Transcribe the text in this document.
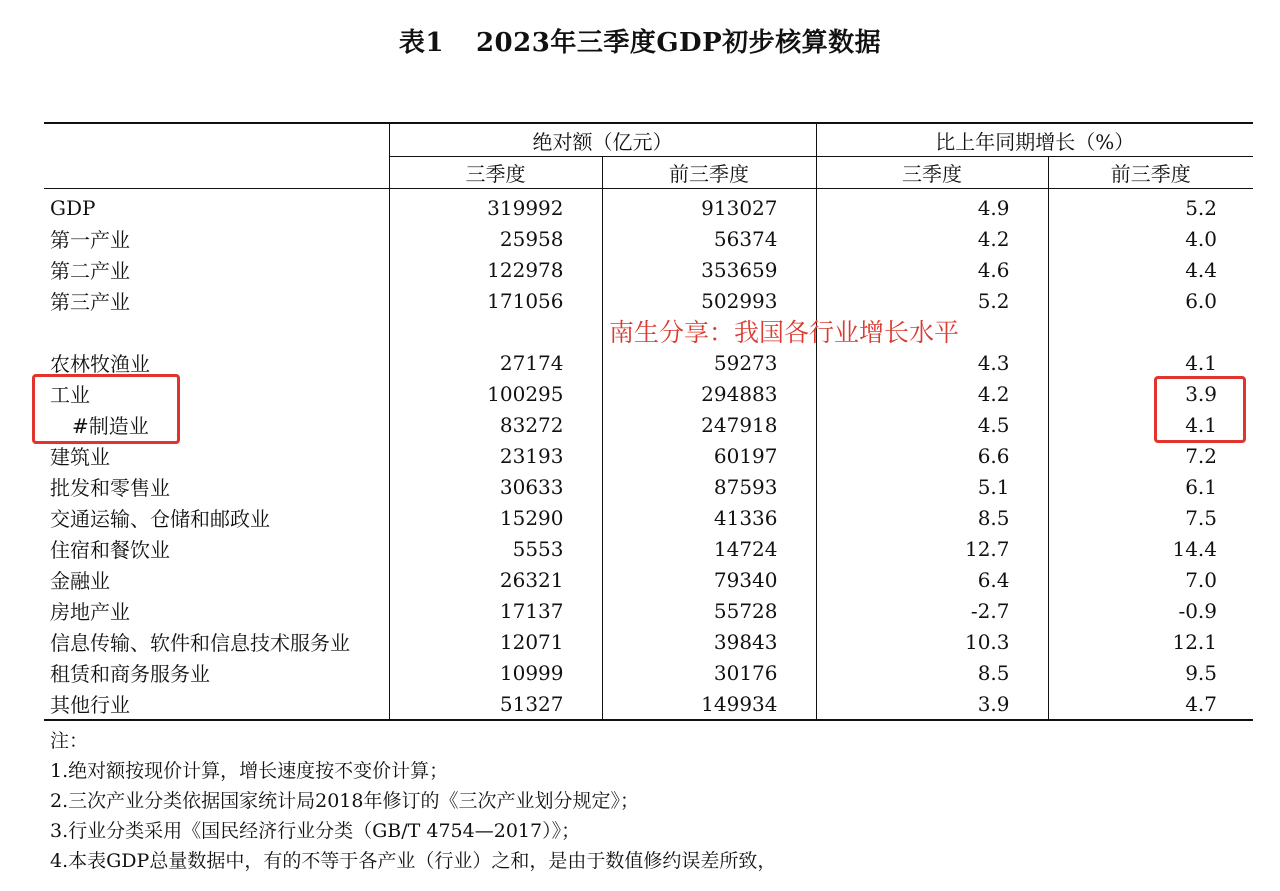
表1 2023年三季度GDP初步核算数据
	绝对额（亿元）		比上年同期增长（%）	
	三季度	前三季度	三季度	前三季度
GDP	319992	913027	4.9	5.2
第一产业	25958	56374	4.2	4.0
第二产业	122978	353659	4.6	4.4
第三产业	171056	502993	5.2	6.0

农林牧渔业	27174	59273	4.3	4.1
工业	100295	294883	4.2	3.9
#制造业	83272	247918	4.5	4.1
建筑业	23193	60197	6.6	7.2
批发和零售业	30633	87593	5.1	6.1
交通运输、仓储和邮政业	15290	41336	8.5	7.5
住宿和餐饮业	5553	14724	12.7	14.4
金融业	26321	79340	6.4	7.0
房地产业	17137	55728	-2.7	-0.9
信息传输、软件和信息技术服务业	12071	39843	10.3	12.1
租赁和商务服务业	10999	30176	8.5	9.5
其他行业	51327	149934	3.9	4.7
南生分享：我国各行业增长水平
注：
1.绝对额按现价计算，增长速度按不变价计算；
2.三次产业分类依据国家统计局2018年修订的《三次产业划分规定》；
3.行业分类采用《国民经济行业分类（GB/T 4754—2017）》；
4.本表GDP总量数据中，有的不等于各产业（行业）之和，是由于数值修约误差所致，
